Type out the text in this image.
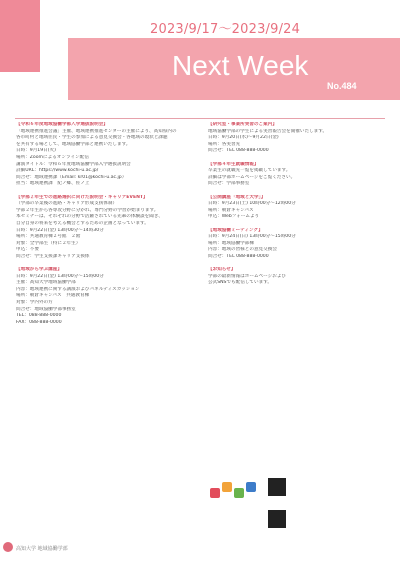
2023/9/17〜2023/9/24
Next Week
No.484

【令和６年度地域協働学部入学選抜説明会】

「地域連携推進会議」主催、地域連携推進センターの主催により、高知県内の

各市町村と地域住民・学生の参加による意見交換会・各地域の現状と課題

を共有する場として、地域協働学部と連携いたします。

日時：9月19日(火)

場所：Zoomによるオンライン配信

講演タイトル：令和６年度地域協働学部入学選抜説明会

詳細URL：https://www.kochi-u.ac.jp/

問合せ：地域連携課（Email: kr01@kochi-u.ac.jp）

担当：地域連携課　紀ノ郷、佐ノ上

【学部２年生での進路選択に向けた説明会・キャリアEVENT】

（学部の卒業後の進路・キャリア形成支援体制）

学部２年生から各専攻分野に分かれ、専門分野の学習が始まります。

本セミナーは、それぞれの分野で活躍されている先輩の体験談を聞き、

自分自身の将来を考える機会とするための企画となっています。

日時：9月22日(金) 13時00分〜14時30分

場所：共通教育棟２号館　２階

対象：全学部生（特に２年生）

申込：不要

問合せ：学生支援課キャリア支援係

【地域から学ぶ講座】

日時：9月22日(金) 13時00分〜15時00分

主催：高知大学地域協働学部

内容：地域連携に関する講演およびパネルディスカッション

場所：朝倉キャンパス　共通教育棟

対象：学内外の方

問合せ：地域協働学部事務室

TEL：088-888-0000

FAX：088-888-0000

【研究室・事業所実習のご案内】

地域協働学部の学生による実習報告会を開催いたします。

日時：9月20日(水)〜9月22日(金)

場所：各実習先

問合せ：TEL 088-888-0000

【学部４年生就職情報】

卒業生の就職先一覧を掲載しています。

詳細は学部ホームページをご覧ください。

問合せ：学部事務室

【公開講座「地域と大学」】

日時：9月23日(土) 10時00分〜12時00分

場所：朝倉キャンパス

申込：Webフォームより

【地域協働ミーティング】

日時：9月24日(日) 13時00分〜15時00分

場所：地域協働学部棟

内容：地域の皆様との意見交換会

問合せ：TEL 088-888-0000

【お知らせ】

学部の最新情報はホームページおよび

公式SNSでも配信しています。

高知大学 地域協働学部
